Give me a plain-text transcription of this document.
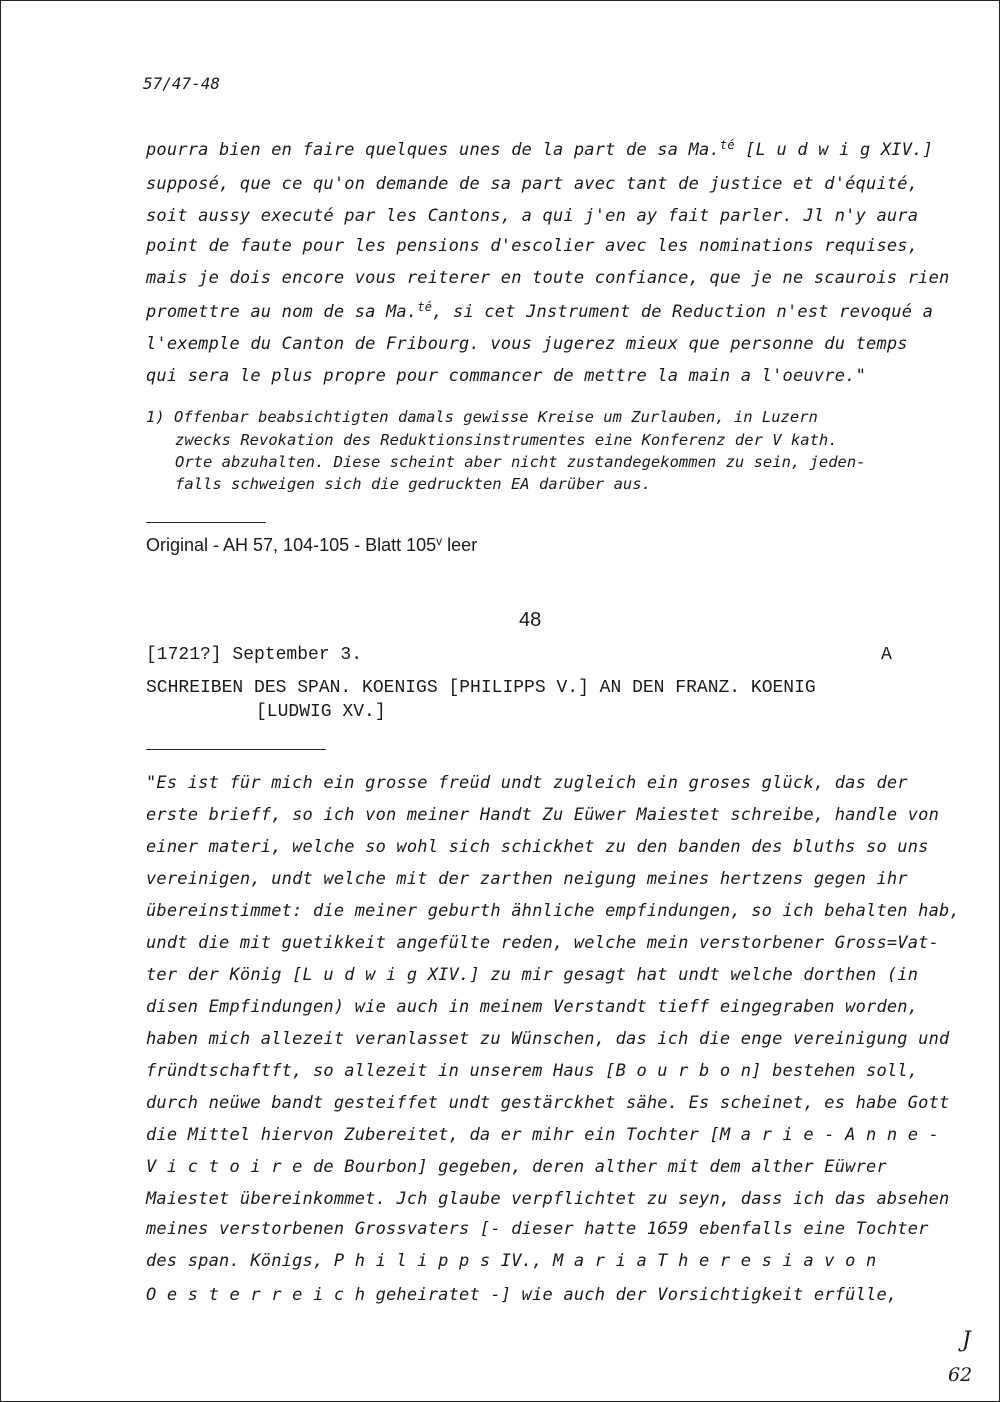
57/47-48
pourra bien en faire quelques unes de la part de sa Ma.$^{té}$ [L u d w i g XIV.]
supposé, que ce qu'on demande de sa part avec tant de justice et d'équité,
soit aussy executé par les Cantons, a qui j'en ay fait parler. Jl n'y aura
point de faute pour les pensions d'escolier avec les nominations requises,
mais je dois encore vous reiterer en toute confiance, que je ne scaurois rien
promettre au nom de sa Ma.$^{té}$, si cet Jnstrument de Reduction n'est revoqué a
l'exemple du Canton de Fribourg. vous jugerez mieux que personne du temps
qui sera le plus propre pour commancer de mettre la main a l'oeuvre."
1) Offenbar beabsichtigten damals gewisse Kreise um Zurlauben, in Luzern
zwecks Revokation des Reduktionsinstrumentes eine Konferenz der V kath.
Orte abzuhalten. Diese scheint aber nicht zustandegekommen zu sein, jeden-
falls schweigen sich die gedruckten EA darüber aus.
Original - AH 57, 104-105 - Blatt 105$^v$ leer
48
[1721?] September 3.	A
SCHREIBEN DES SPAN. KOENIGS [PHILIPPS V.] AN DEN FRANZ. KOENIG
[LUDWIG XV.]
"Es ist für mich ein grosse freüd undt zugleich ein groses glück, das der
erste brieff, so ich von meiner Handt Zu Eüwer Maiestet schreibe, handle von
einer materi, welche so wohl sich schickhet zu den banden des bluths so uns
vereinigen, undt welche mit der zarthen neigung meines hertzens gegen ihr
übereinstimmet: die meiner geburth ähnliche empfindungen, so ich behalten hab,
undt die mit guetikkeit angefülte reden, welche mein verstorbener Gross=Vat-
ter der König [L u d w i g XIV.] zu mir gesagt hat undt welche dorthen (in
disen Empfindungen) wie auch in meinem Verstandt tieff eingegraben worden,
haben mich allezeit veranlasset zu Wünschen, das ich die enge vereinigung und
fründtschaftft, so allezeit in unserem Haus [B o u r b o n] bestehen soll,
durch neüwe bandt gesteiffet undt gestärckhet sähe. Es scheinet, es habe Gott
die Mittel hiervon Zubereitet, da er mihr ein Tochter [M a r i e - A n n e -
V i c t o i r e de Bourbon] gegeben, deren alther mit dem alther Eüwrer
Maiestet übereinkommet. Jch glaube verpflichtet zu seyn, dass ich das absehen
meines verstorbenen Grossvaters [- dieser hatte 1659 ebenfalls eine Tochter
des span. Königs, P h i l i p p s IV., M a r i a T h e r e s i a v o n
O e s t e r r e i c h geheiratet -] wie auch der Vorsichtigkeit erfülle,
J
62
